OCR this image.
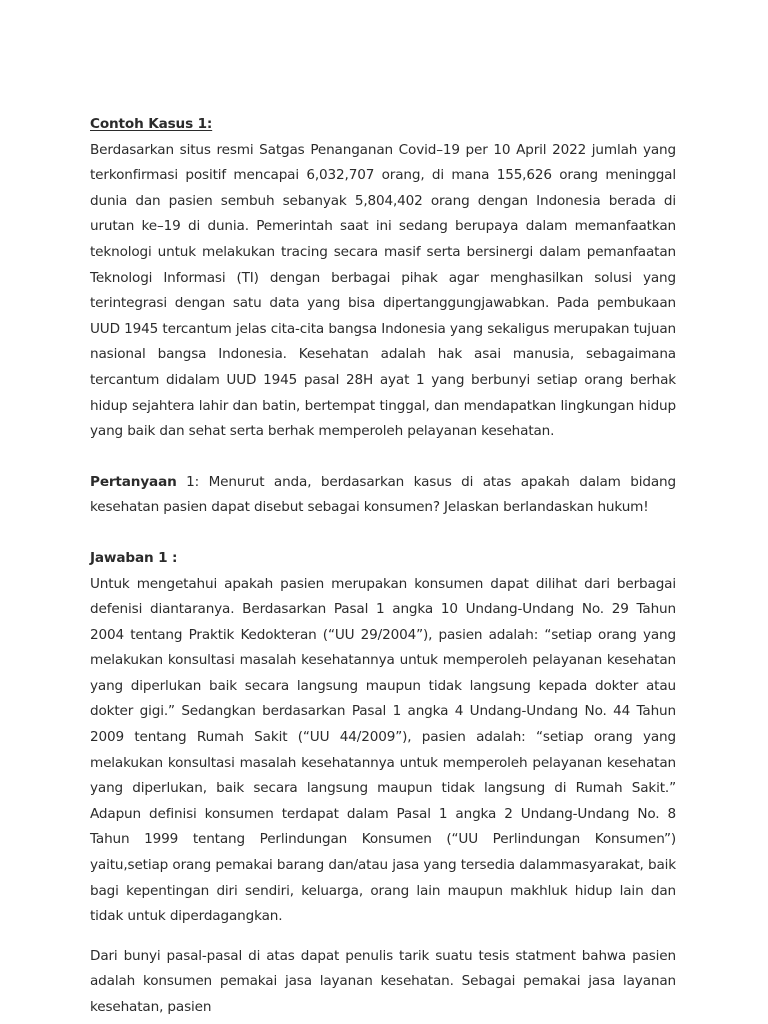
Contoh Kasus 1:

Berdasarkan situs resmi Satgas Penanganan Covid–19 per 10 April 2022 jumlah yang terkonfirmasi positif mencapai 6,032,707 orang, di mana 155,626 orang meninggal dunia dan pasien sembuh sebanyak 5,804,402 orang dengan Indonesia berada di urutan ke–19 di dunia. Pemerintah saat ini sedang berupaya dalam memanfaatkan teknologi untuk melakukan tracing secara masif serta bersinergi dalam pemanfaatan Teknologi Informasi (TI) dengan berbagai pihak agar menghasilkan solusi yang terintegrasi dengan satu data yang bisa dipertanggungjawabkan. Pada pembukaan UUD 1945 tercantum jelas cita-cita bangsa Indonesia yang sekaligus merupakan tujuan nasional bangsa Indonesia. Kesehatan adalah hak asai manusia, sebagaimana tercantum didalam UUD 1945 pasal 28H ayat 1 yang berbunyi setiap orang berhak hidup sejahtera lahir dan batin, bertempat tinggal, dan mendapatkan lingkungan hidup yang baik dan sehat serta berhak memperoleh pelayanan kesehatan.

Pertanyaan 1: Menurut anda, berdasarkan kasus di atas apakah dalam bidang kesehatan pasien dapat disebut sebagai konsumen? Jelaskan berlandaskan hukum!

Jawaban 1 :

Untuk mengetahui apakah pasien merupakan konsumen dapat dilihat dari berbagai defenisi diantaranya. Berdasarkan Pasal 1 angka 10 Undang-Undang No. 29 Tahun 2004 tentang Praktik Kedokteran (“UU 29/2004”), pasien adalah: “setiap orang yang melakukan konsultasi masalah kesehatannya untuk memperoleh pelayanan kesehatan yang diperlukan baik secara langsung maupun tidak langsung kepada dokter atau dokter gigi.” Sedangkan berdasarkan Pasal 1 angka 4 Undang-Undang No. 44 Tahun 2009 tentang Rumah Sakit (“UU 44/2009”), pasien adalah: “setiap orang yang melakukan konsultasi masalah kesehatannya untuk memperoleh pelayanan kesehatan yang diperlukan, baik secara langsung maupun tidak langsung di Rumah Sakit.” Adapun definisi konsumen terdapat dalam Pasal 1 angka 2 Undang-Undang No. 8 Tahun 1999 tentang Perlindungan Konsumen (“UU Perlindungan Konsumen”) yaitu,setiap orang pemakai barang dan/atau jasa yang tersedia dalammasyarakat, baik bagi kepentingan diri sendiri, keluarga, orang lain maupun makhluk hidup lain dan tidak untuk diperdagangkan.

Dari bunyi pasal-pasal di atas dapat penulis tarik suatu tesis statment bahwa pasien adalah konsumen pemakai jasa layanan kesehatan. Sebagai pemakai jasa layanan kesehatan, pasien
